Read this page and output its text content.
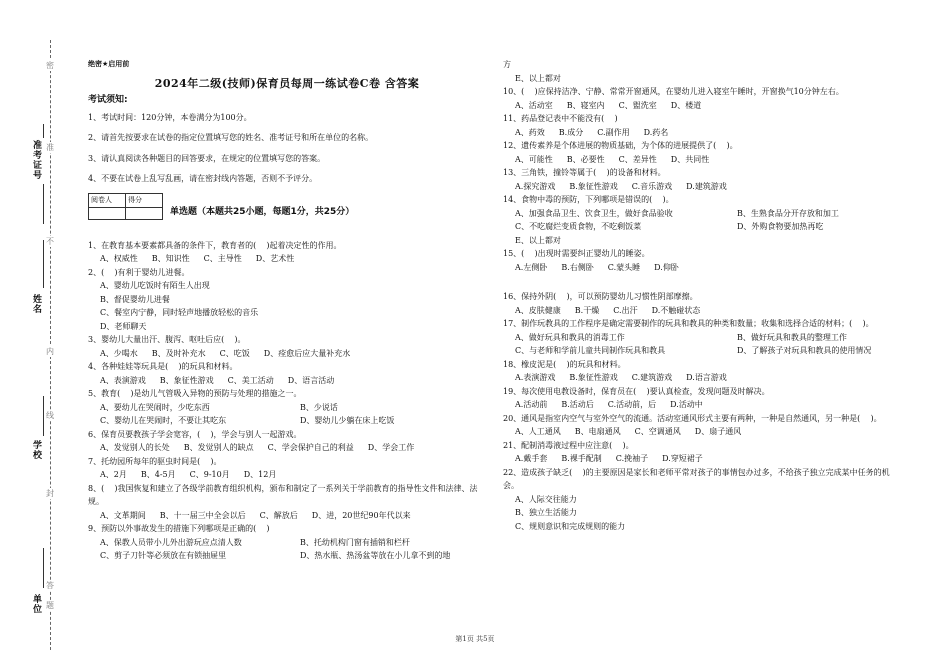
准考证号
姓名
学校
单位
密
封
线
内
不
准
答
题
绝密★启用前
2024年二级(技师)保育员每周一练试卷C卷 含答案
考试须知:
1、考试时间：120分钟，本卷满分为100分。
2、请首先按要求在试卷的指定位置填写您的姓名、准考证号和所在单位的名称。
3、请认真阅读各种题目的回答要求，在规定的位置填写您的答案。
4、不要在试卷上乱写乱画，请在密封线内答题，否则不予评分。
阅卷人	得分

单选题（本题共25小题，每题1分，共25分）
1、在教育基本要素都具备的条件下，教育者的(    )起着决定性的作用。
A、权威性 B、知识性 C、主导性 D、艺术性
2、(    )有利于婴幼儿进餐。
A、婴幼儿吃饭时有陌生人出现
B、督促婴幼儿进餐
C、餐室内宁静，同时轻声地播放轻松的音乐
D、老师聊天
3、婴幼儿大量出汗、腹泻、呕吐后应(    )。
A、少喝水 B、及时补充水 C、吃饭 D、痊愈后应大量补充水
4、各种娃娃等玩具是(    )的玩具和材料。
A、表演游戏 B、象征性游戏 C、美工活动 D、语言活动
5、教育(    )是幼儿气管吸入异物的预防与处理的措施之一。
A、要幼儿在哭闹时，少吃东西	B、少说话
C、婴幼儿在哭闹时，不要让其吃东	D、婴幼儿少躺在床上吃饭
6、保育员要教孩子学会宽容，(    )，学会与别人一起游戏。
A、发觉别人的长处 B、发觉别人的缺点 C、学会保护自己的利益 D、学会工作
7、托幼园所每年的驱虫时间是(    )。
A、2月 B、4-5月 C、9-10月 D、12月
8、(    )我国恢复和建立了各级学前教育组织机构，颁布和制定了一系列关于学前教育的指导性文件和法律、法规。
A、文革期间 B、十一届三中全会以后 C、解放后 D、进，20世纪90年代以来
9、预防以外事故发生的措施下列哪项是正确的(    )
A、保教人员带小儿外出游玩应点清人数	B、托幼机构门窗有插销和栏杆
C、剪子刀针等必须放在有锁抽屉里	D、热水瓶、热汤盆等放在小儿拿不到的地
方
E、以上都对
10、(    )应保持洁净、宁静、常常开窗通风，在婴幼儿进入寝室午睡时，开窗换气10分钟左右。
A、活动室 B、寝室内 C、盥洗室 D、楼道
11、药品登记表中不能没有(    )
A、药效 B.成分 C.副作用 D.药名
12、遗传素养是个体进展的物质基础，为个体的进展提供了(    )。
A、可能性 B、必要性 C、差异性 D、共同性
13、三角铁，撞铃等属于(    )的设备和材料。
A.探究游戏 B.象征性游戏 C.音乐游戏 D.建筑游戏
14、食物中毒的预防，下列哪项是错误的(    )。
A、加强食品卫生、饮食卫生，做好食品验收	B、生熟食品分开存放和加工
C、不吃腐烂变质食物，不吃剩饭菜	D、外购食物要加热再吃
E、以上都对
15、(    )出现时需要纠正婴幼儿的睡姿。
A.左侧卧 B.右侧卧 C.蒙头睡 D.仰卧
16、保持外阴(    )，可以预防婴幼儿习惯性阴部摩擦。
A、皮肤健康 B.干燥 C.出汗 D.不触碰状态
17、制作玩教具的工作程序是确定需要制作的玩具和教具的种类和数量；收集和选择合适的材料；(    )。
A、做好玩具和教具的消毒工作	B、做好玩具和教具的整理工作
C、与老师和学前儿童共同制作玩具和教具	D、了解孩子对玩具和教具的使用情况
18、橡皮泥是(    )的玩具和材料。
A.表演游戏 B.象征性游戏 C.建筑游戏 D.语言游戏
19、每次使用电教设备时，保育员在(    )要认真检查，发现问题及时解决。
A.活动前 B.活动后 C.活动前，后 D.活动中
20、通风是指室内空气与室外空气的流通。活动室通风形式主要有两种，一种是自然通风，另一种是(    )。
A、人工通风 B、电扇通风 C、空调通风 D、扇子通风
21、配制消毒液过程中应注意(    )。
A.戴手套 B.裸手配制 C.挽袖子 D.穿短裙子
22、造成孩子缺乏(    )的主要原因是家长和老师平常对孩子的事情包办过多，不给孩子独立完成某中任务的机会。
A、人际交往能力
B、独立生活能力
C、规则意识和完成规则的能力
第1页 共5页
